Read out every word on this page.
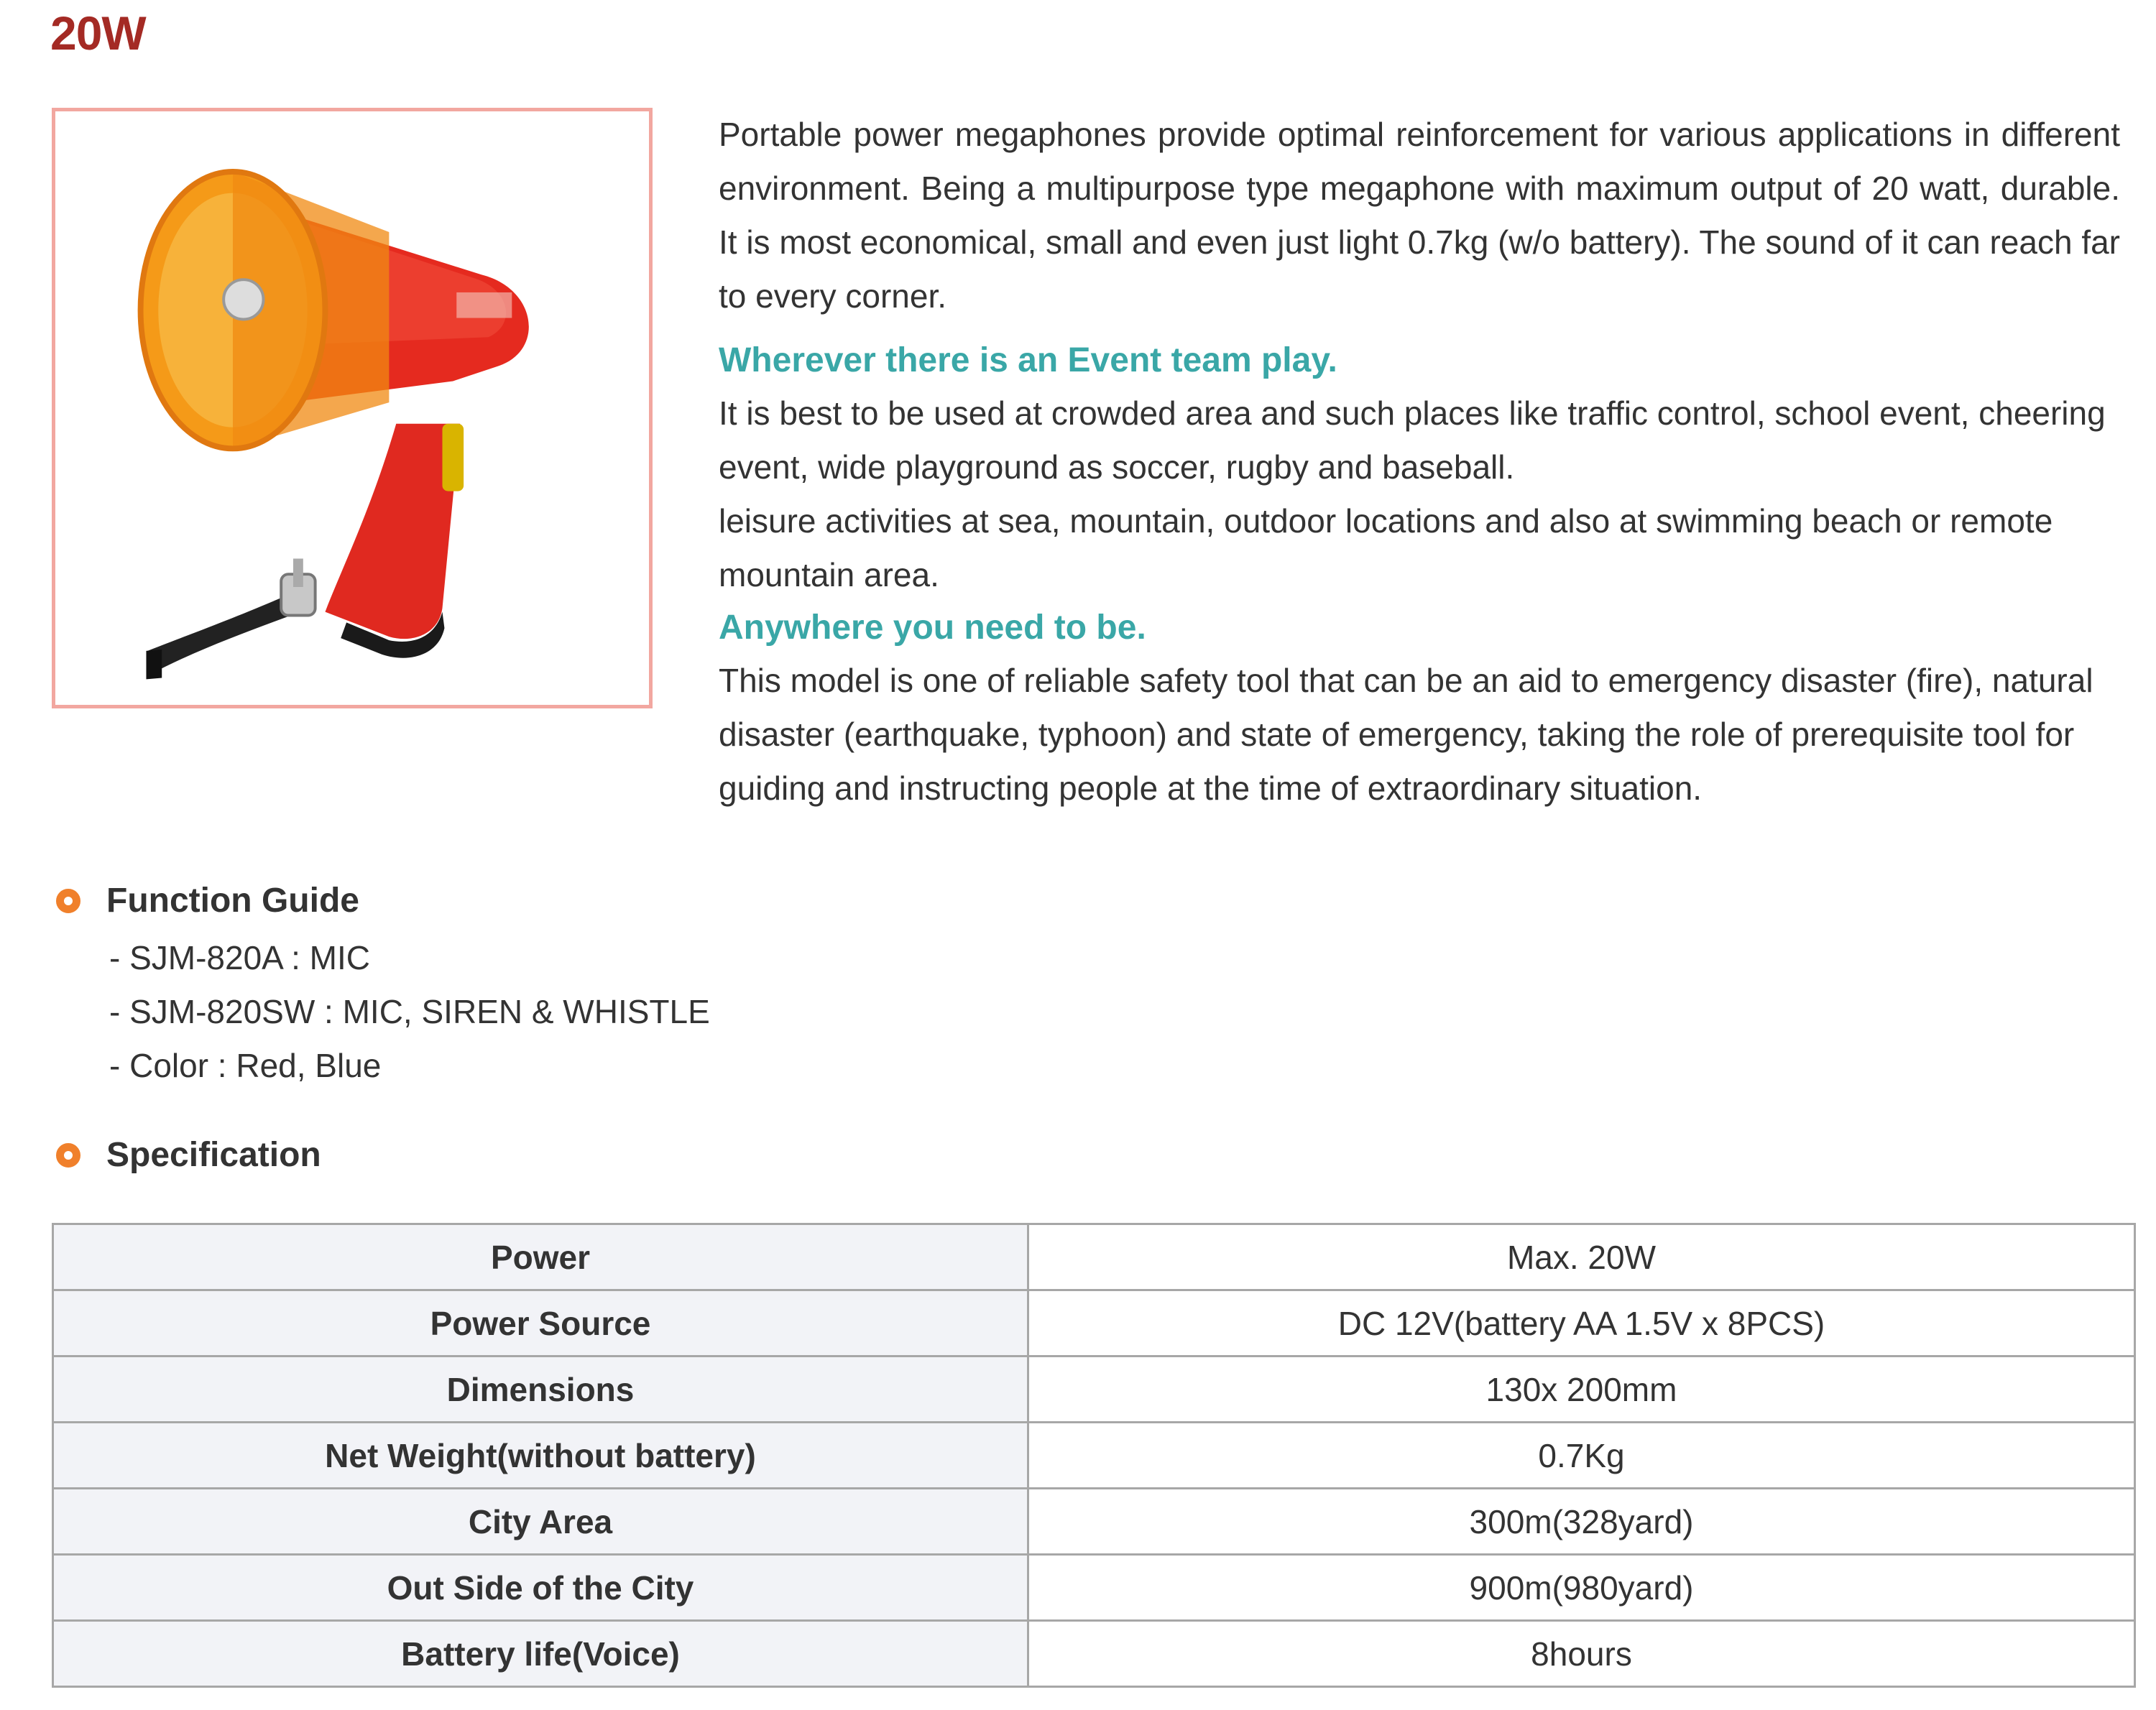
20W

Portable power megaphones provide optimal reinforcement for various applications in different environment. Being a multipurpose type megaphone with maximum output of 20 watt, durable. It is most economical, small and even just light 0.7kg (w/o battery). The sound of it can reach far to every corner.

Wherever there is an Event team play.

It is best to be used at crowded area and such places like traffic control, school event, cheering event, wide playground as soccer, rugby and baseball.

leisure activities at sea, mountain, outdoor locations and also at swimming beach or remote mountain area.

Anywhere you need to be.

This model is one of reliable safety tool that can be an aid to emergency disaster (fire), natural disaster (earthquake, typhoon) and state of emergency, taking the role of prerequisite tool for guiding and instructing people at the time of extraordinary situation.

Function Guide
- SJM-820A : MIC
- SJM-820SW : MIC, SIREN & WHISTLE
- Color : Red, Blue
Specification
Power	Max. 20W
Power Source	DC 12V(battery AA 1.5V x 8PCS)
Dimensions	130x 200mm
Net Weight(without battery)	0.7Kg
City Area	300m(328yard)
Out Side of the City	900m(980yard)
Battery life(Voice)	8hours
